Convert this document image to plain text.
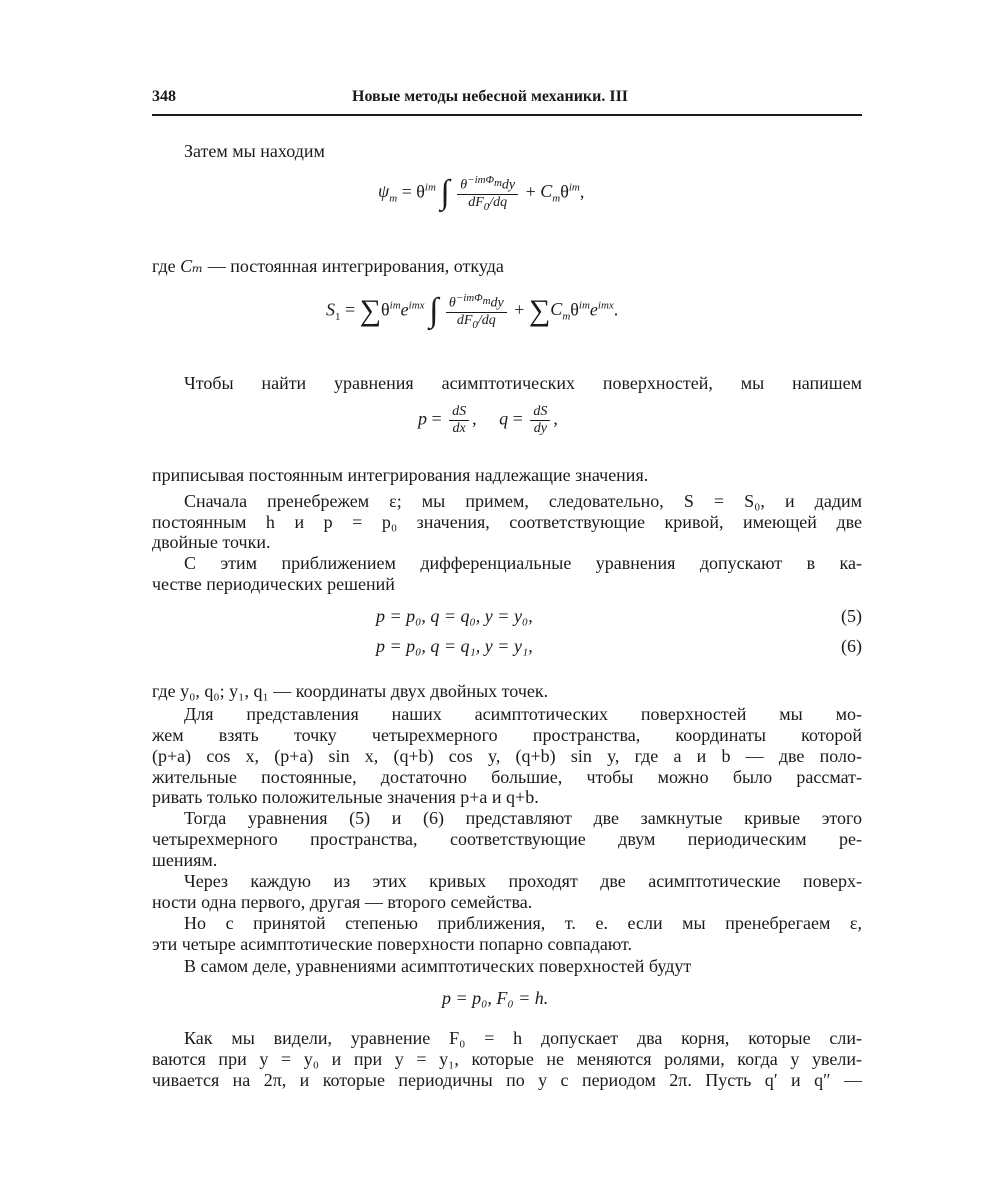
348	Новые методы небесной механики. III
Затем мы находим
$\psi_m = \theta^{im}$ ∫ $\frac{\theta^{-im\Phi_m}dy}{dF_0/dq} + C_m\theta^{im}$,
где Cₘ — постоянная интегрирования, откуда
$S_1 = \sum\theta^{im}e^{imx}$ ∫ $\frac{\theta^{-im\Phi_m}dy}{dF_0/dq} + \sum C_m\theta^{im}e^{imx}$.
Чтобы найти уравнения асимптотических поверхностей, мы напишем
$p = \frac{dS}{dx}$ ,     $q = \frac{dS}{dy}$ ,
приписывая постоянным интегрирования надлежащие значения.
Сначала пренебрежем ε; мы примем, следовательно, S = S₀, и дадим
постоянным h и p = p₀ значения, соответствующие кривой, имеющей две
двойные точки.
С этим приближением дифференциальные уравнения допускают в ка-
честве периодических решений
p = p₀, q = q₀, y = y₀,	(5)
p = p₀, q = q₁, y = y₁,	(6)
где y₀, q₀; y₁, q₁ — координаты двух двойных точек.
Для представления наших асимптотических поверхностей мы мо-
жем взять точку четырехмерного пространства, координаты которой
(p+a) cos x, (p+a) sin x, (q+b) cos y, (q+b) sin y, где a и b — две поло-
жительные постоянные, достаточно большие, чтобы можно было рассмат-
ривать только положительные значения p+a и q+b.
Тогда уравнения (5) и (6) представляют две замкнутые кривые этого
четырехмерного пространства, соответствующие двум периодическим ре-
шениям.
Через каждую из этих кривых проходят две асимптотические поверх-
ности одна первого, другая — второго семейства.
Но с принятой степенью приближения, т. е. если мы пренебрегаем ε,
эти четыре асимптотические поверхности попарно совпадают.
В самом деле, уравнениями асимптотических поверхностей будут
p = p₀, F₀ = h.
Как мы видели, уравнение F₀ = h допускает два корня, которые сли-
ваются при y = y₀ и при y = y₁, которые не меняются ролями, когда y увели-
чивается на 2π, и которые периодичны по y с периодом 2π. Пусть q′ и q″ —
